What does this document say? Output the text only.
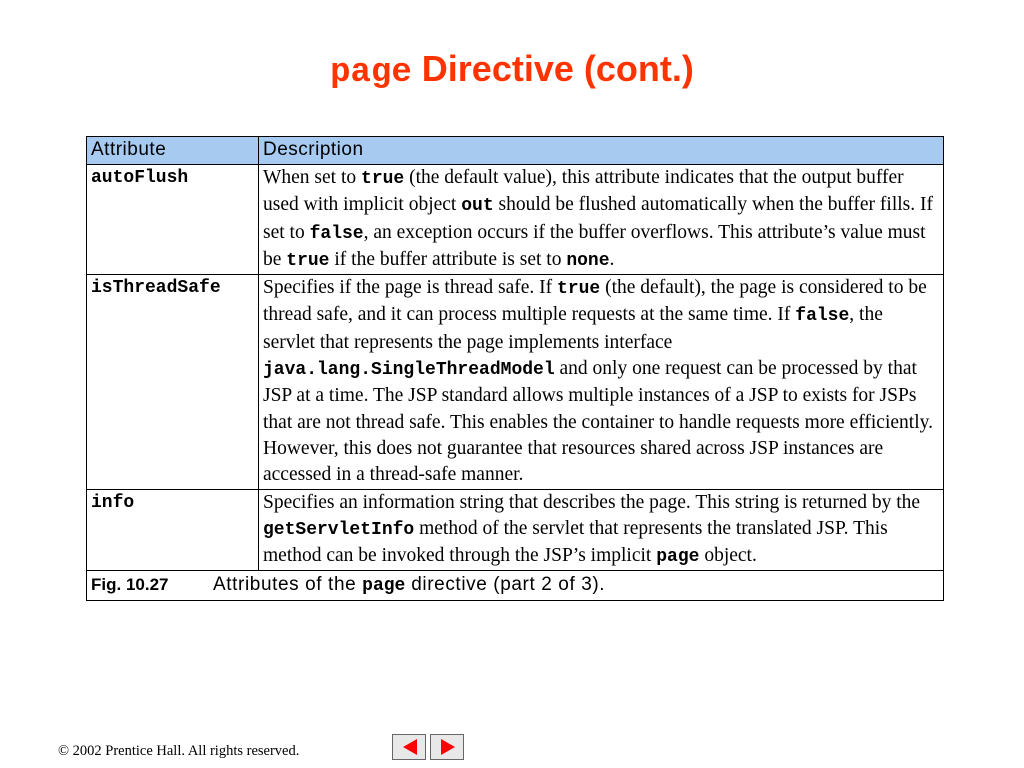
page Directive (cont.)
Attribute	Description
autoFlush	When set to true (the default value), this attribute indicates that the output buffer used with implicit object out should be flushed automatically when the buffer fills. If set to false, an exception occurs if the buffer overflows. This attribute’s value must be true if the buffer attribute is set to none.
isThreadSafe	Specifies if the page is thread safe. If true (the default), the page is considered to be thread safe, and it can process multiple requests at the same time. If false, the servlet that represents the page implements interface java.lang.SingleThreadModel and only one request can be processed by that JSP at a time. The JSP standard allows multiple instances of a JSP to exists for JSPs that are not thread safe. This enables the container to handle requests more efficiently. However, this does not guarantee that resources shared across JSP instances are accessed in a thread-safe manner.
info	Specifies an information string that describes the page. This string is returned by the getServletInfo method of the servlet that represents the translated JSP. This method can be invoked through the JSP’s implicit page object.
Fig. 10.27 Attributes of the page directive (part 2 of 3).	
© 2002 Prentice Hall. All rights reserved.
